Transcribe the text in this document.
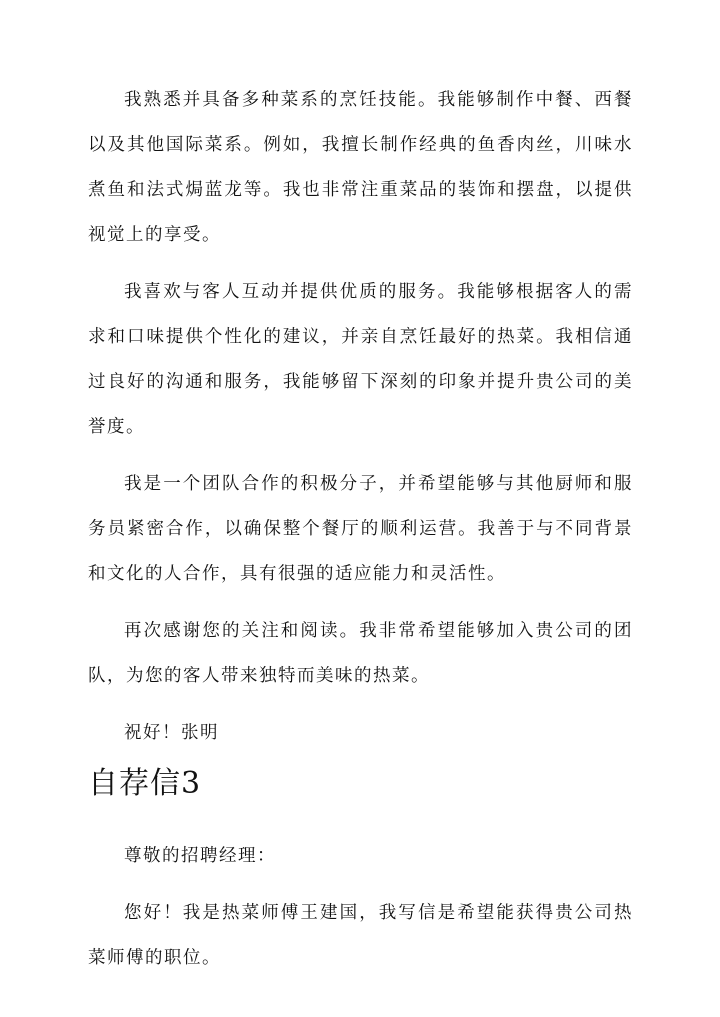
我熟悉并具备多种菜系的烹饪技能。我能够制作中餐、西餐以及其他国际菜系。例如，我擅长制作经典的鱼香肉丝，川味水煮鱼和法式焗蓝龙等。我也非常注重菜品的装饰和摆盘，以提供视觉上的享受。

我喜欢与客人互动并提供优质的服务。我能够根据客人的需求和口味提供个性化的建议，并亲自烹饪最好的热菜。我相信通过良好的沟通和服务，我能够留下深刻的印象并提升贵公司的美誉度。

我是一个团队合作的积极分子，并希望能够与其他厨师和服务员紧密合作，以确保整个餐厅的顺利运营。我善于与不同背景和文化的人合作，具有很强的适应能力和灵活性。

再次感谢您的关注和阅读。我非常希望能够加入贵公司的团队，为您的客人带来独特而美味的热菜。

祝好！张明

自荐信3

尊敬的招聘经理：

您好！我是热菜师傅王建国，我写信是希望能获得贵公司热菜师傅的职位。
